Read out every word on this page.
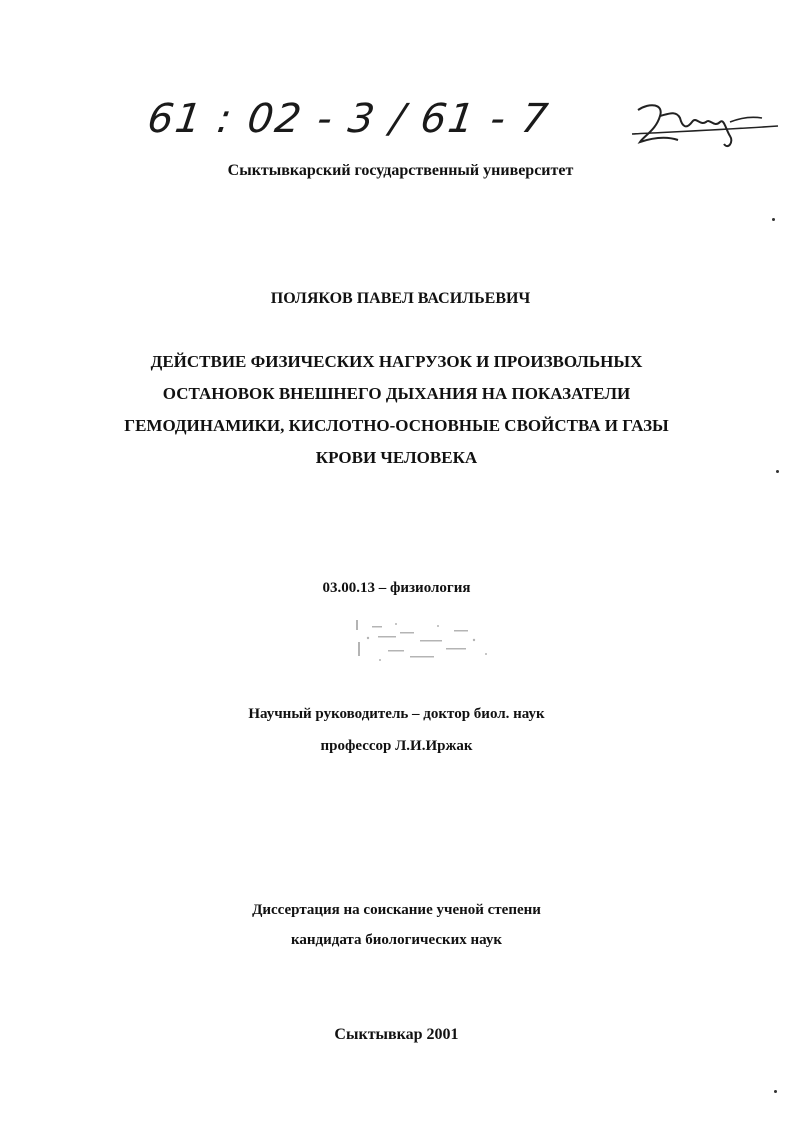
61 : 02 - 3 / 61 - 7
Сыктывкарский государственный университет
ПОЛЯКОВ ПАВЕЛ ВАСИЛЬЕВИЧ
ДЕЙСТВИЕ ФИЗИЧЕСКИХ НАГРУЗОК И ПРОИЗВОЛЬНЫХ
ОСТАНОВОК ВНЕШНЕГО ДЫХАНИЯ НА ПОКАЗАТЕЛИ
ГЕМОДИНАМИКИ, КИСЛОТНО-ОСНОВНЫЕ СВОЙСТВА И ГАЗЫ
КРОВИ ЧЕЛОВЕКА
03.00.13 – физиология
Научный руководитель – доктор биол. наук
профессор Л.И.Иржак
Диссертация на соискание ученой степени
кандидата биологических наук
Сыктывкар 2001
